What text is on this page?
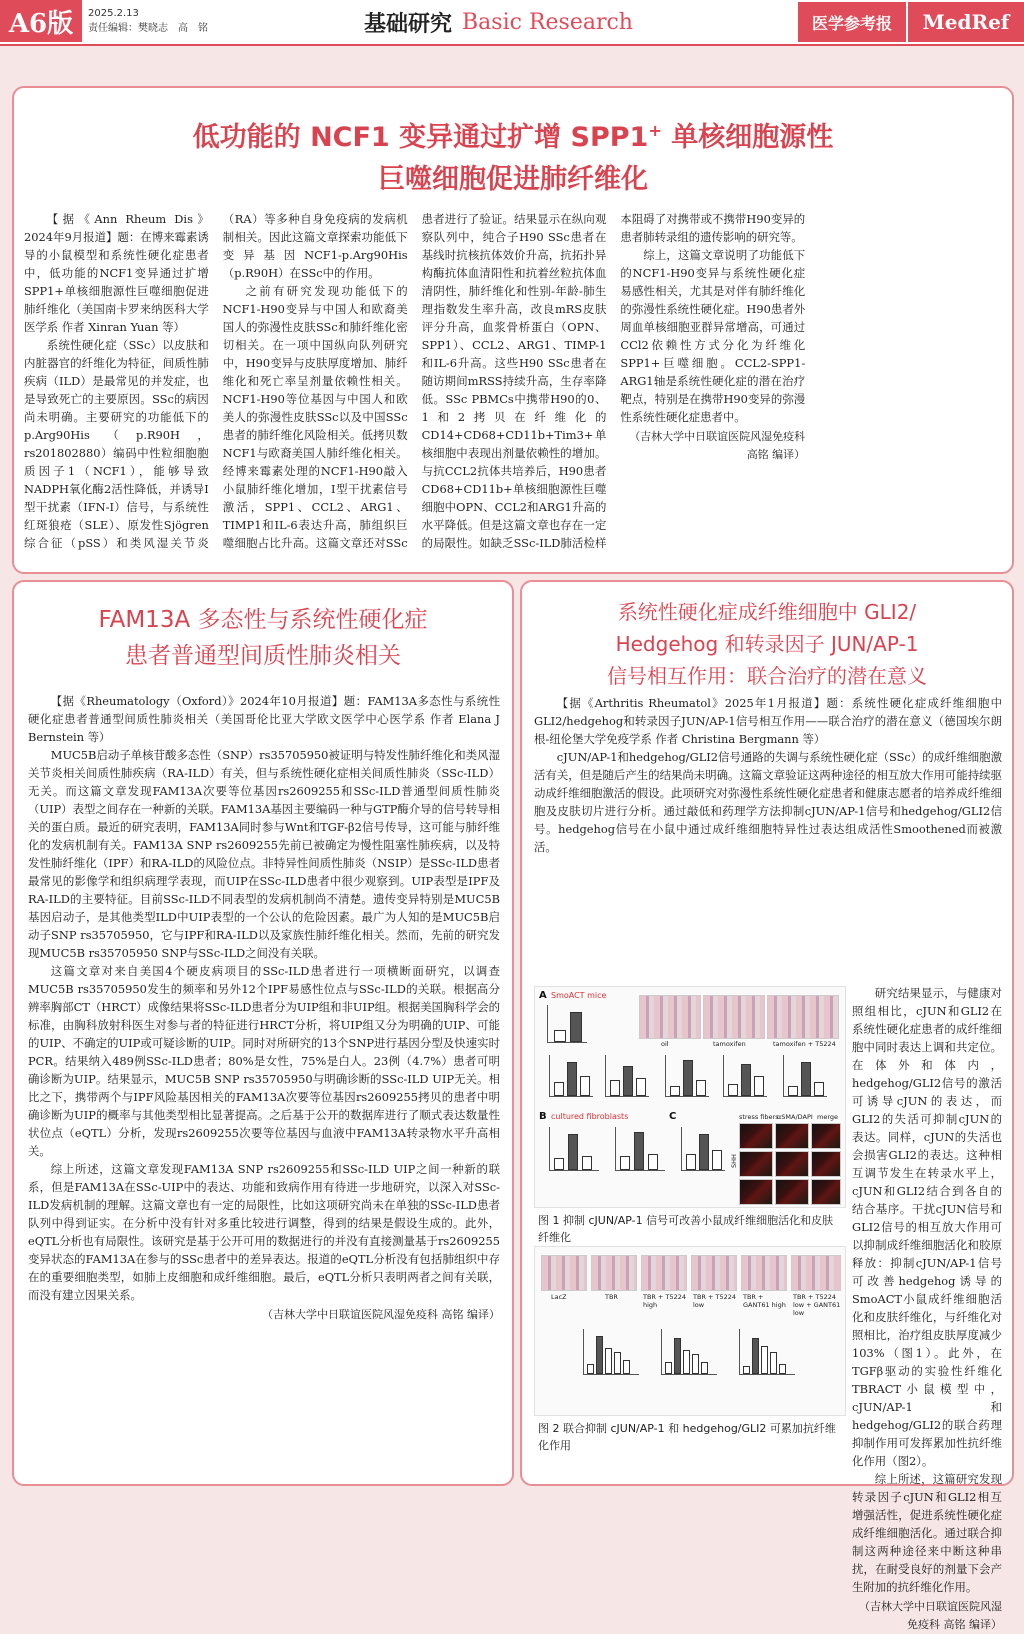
A6版	2025.2.13
责任编辑：樊晓志　高　铭	基础研究 Basic Research	医学参考报	MedRef
低功能的 NCF1 变异通过扩增 SPP1+ 单核细胞源性
巨噬细胞促进肺纤维化

【据《Ann Rheum Dis》2024年9月报道】题：在博来霉素诱导的小鼠模型和系统性硬化症患者中，低功能的NCF1变异通过扩增SPP1+单核细胞源性巨噬细胞促进肺纤维化（美国南卡罗来纳医科大学医学系 作者 Xinran Yuan 等）

系统性硬化症（SSc）以皮肤和内脏器官的纤维化为特征，间质性肺疾病（ILD）是最常见的并发症，也是导致死亡的主要原因。SSc的病因尚未明确。主要研究的功能低下的p.Arg90His（p.R90H，rs201802880）编码中性粒细胞胞质因子1（NCF1），能够导致NADPH氧化酶2活性降低，并诱导I型干扰素（IFN-I）信号，与系统性红斑狼疮（SLE）、原发性Sjögren综合征（pSS）和类风湿关节炎（RA）等多种自身免疫病的发病机制相关。因此这篇文章探索功能低下变异基因NCF1-p.Arg90His（p.R90H）在SSc中的作用。

之前有研究发现功能低下的NCF1-H90变异与中国人和欧裔美国人的弥漫性皮肤SSc和肺纤维化密切相关。在一项中国纵向队列研究中，H90变异与皮肤厚度增加、肺纤维化和死亡率呈剂量依赖性相关。NCF1-H90等位基因与中国人和欧美人的弥漫性皮肤SSc以及中国SSc患者的肺纤维化风险相关。低拷贝数NCF1与欧裔美国人肺纤维化相关。经博来霉素处理的NCF1-H90敲入小鼠肺纤维化增加，I型干扰素信号激活，SPP1、CCL2、ARG1、TIMP1和IL-6表达升高，肺组织巨噬细胞占比升高。这篇文章还对SSc患者进行了验证。结果显示在纵向观察队列中，纯合子H90 SSc患者在基线时抗核抗体效价升高，抗拓扑异构酶抗体血清阳性和抗着丝粒抗体血清阴性，肺纤维化和性别-年龄-肺生理指数发生率升高，改良mRS皮肤评分升高，血浆骨桥蛋白（OPN、SPP1）、CCL2、ARG1、TIMP-1和IL-6升高。这些H90 SSc患者在随访期间mRSS持续升高，生存率降低。SSc PBMCs中携带H90的0、1和2拷贝在纤维化的CD14+CD68+CD11b+Tim3+单核细胞中表现出剂量依赖性的增加。与抗CCL2抗体共培养后，H90患者CD68+CD11b+单核细胞源性巨噬细胞中OPN、CCL2和ARG1升高的水平降低。但是这篇文章也存在一定的局限性。如缺乏SSc-ILD肺活检样本阻碍了对携带或不携带H90变异的患者肺转录组的遗传影响的研究等。

综上，这篇文章说明了功能低下的NCF1-H90变异与系统性硬化症易感性相关，尤其是对伴有肺纤维化的弥漫性系统性硬化症。H90患者外周血单核细胞亚群异常增高，可通过CCl2依赖性方式分化为纤维化SPP1+巨噬细胞。CCL2-SPP1-ARG1轴是系统性硬化症的潜在治疗靶点，特别是在携带H90变异的弥漫性系统性硬化症患者中。

（吉林大学中日联谊医院风湿免疫科 高铭 编译）
FAM13A 多态性与系统性硬化症
患者普通型间质性肺炎相关

【据《Rheumatology（Oxford）》2024年10月报道】题：FAM13A多态性与系统性硬化症患者普通型间质性肺炎相关（美国哥伦比亚大学欧文医学中心医学系 作者 Elana J Bernstein 等）

MUC5B启动子单核苷酸多态性（SNP）rs35705950被证明与特发性肺纤维化和类风湿关节炎相关间质性肺疾病（RA-ILD）有关，但与系统性硬化症相关间质性肺炎（SSc-ILD）无关。而这篇文章发现FAM13A次要等位基因rs2609255和SSc-ILD普通型间质性肺炎（UIP）表型之间存在一种新的关联。FAM13A基因主要编码一种与GTP酶介导的信号转导相关的蛋白质。最近的研究表明，FAM13A同时参与Wnt和TGF-β2信号传导，这可能与肺纤维化的发病机制有关。FAM13A SNP rs2609255先前已被确定为慢性阻塞性肺疾病，以及特发性肺纤维化（IPF）和RA-ILD的风险位点。非特异性间质性肺炎（NSIP）是SSc-ILD患者最常见的影像学和组织病理学表现，而UIP在SSc-ILD患者中很少观察到。UIP表型是IPF及RA-ILD的主要特征。目前SSc-ILD不同表型的发病机制尚不清楚。遗传变异特别是MUC5B基因启动子，是其他类型ILD中UIP表型的一个公认的危险因素。最广为人知的是MUC5B启动子SNP rs35705950，它与IPF和RA-ILD以及家族性肺纤维化相关。然而，先前的研究发现MUC5B rs35705950 SNP与SSc-ILD之间没有关联。

这篇文章对来自美国4个硬皮病项目的SSc-ILD患者进行一项横断面研究，以调查MUC5B rs35705950发生的频率和另外12个IPF易感性位点与SSc-ILD的关联。根据高分辨率胸部CT（HRCT）成像结果将SSc-ILD患者分为UIP组和非UIP组。根据美国胸科学会的标准，由胸科放射科医生对参与者的特征进行HRCT分析，将UIP组又分为明确的UIP、可能的UIP、不确定的UIP或可疑诊断的UIP。同时对所研究的13个SNP进行基因分型及快速实时PCR。结果纳入489例SSc-ILD患者；80%是女性，75%是白人。23例（4.7%）患者可明确诊断为UIP。结果显示，MUC5B SNP rs35705950与明确诊断的SSc-ILD UIP无关。相比之下，携带两个与IPF风险基因相关的FAM13A次要等位基因rs2609255拷贝的患者中明确诊断为UIP的概率与其他类型相比显著提高。之后基于公开的数据库进行了顺式表达数量性状位点（eQTL）分析，发现rs2609255次要等位基因与血液中FAM13A转录物水平升高相关。

综上所述，这篇文章发现FAM13A SNP rs2609255和SSc-ILD UIP之间一种新的联系，但是FAM13A在SSc-UIP中的表达、功能和致病作用有待进一步地研究，以深入对SSc-ILD发病机制的理解。这篇文章也有一定的局限性，比如这项研究尚未在单独的SSc-ILD患者队列中得到证实。在分析中没有针对多重比较进行调整，得到的结果是假设生成的。此外，eQTL分析也有局限性。该研究是基于公开可用的数据进行的并没有直接测量基于rs2609255变异状态的FAM13A在参与的SSc患者中的差异表达。报道的eQTL分析没有包括肺组织中存在的重要细胞类型，如肺上皮细胞和成纤维细胞。最后，eQTL分析只表明两者之间有关联，而没有建立因果关系。

（吉林大学中日联谊医院风湿免疫科 高铭 编译）
系统性硬化症成纤维细胞中 GLI2/
Hedgehog 和转录因子 JUN/AP-1
信号相互作用：联合治疗的潜在意义

【据《Arthritis Rheumatol》2025年1月报道】题：系统性硬化症成纤维细胞中GLI2/hedgehog和转录因子JUN/AP-1信号相互作用——联合治疗的潜在意义（德国埃尔朗根-纽伦堡大学免疫学系 作者 Christina Bergmann 等）

cJUN/AP-1和hedgehog/GLI2信号通路的失调与系统性硬化症（SSc）的成纤维细胞激活有关，但是随后产生的结果尚未明确。这篇文章验证这两种途径的相互放大作用可能持续驱动成纤维细胞激活的假设。此项研究对弥漫性系统性硬化症患者和健康志愿者的培养成纤维细胞及皮肤切片进行分析。通过敲低和药理学方法抑制cJUN/AP-1信号和hedgehog/GLI2信号。hedgehog信号在小鼠中通过成纤维细胞特异性过表达组成活性Smoothened而被激活。

研究结果显示，与健康对照组相比，cJUN和GLI2在系统性硬化症患者的成纤维细胞中同时表达上调和共定位。在体外和体内，hedgehog/GLI2信号的激活可诱导cJUN的表达，而GLI2的失活可抑制cJUN的表达。同样，cJUN的失活也会损害GLI2的表达。这种相互调节发生在转录水平上，cJUN和GLI2结合到各自的结合基序。干扰cJUN信号和GLI2信号的相互放大作用可以抑制成纤维细胞活化和胶原释放：抑制cJUN/AP-1信号可改善hedgehog诱导的SmoACT小鼠成纤维细胞活化和皮肤纤维化，与纤维化对照相比，治疗组皮肤厚度减少103%（图1）。此外，在TGFβ驱动的实验性纤维化TBRACT小鼠模型中，cJUN/AP-1和hedgehog/GLI2的联合药理抑制作用可发挥累加性抗纤维化作用（图2）。

综上所述，这篇研究发现转录因子cJUN和GLI2相互增强活性，促进系统性硬化症成纤维细胞活化。通过联合抑制这两种途径来中断这种串扰，在耐受良好的剂量下会产生附加的抗纤维化作用。

（吉林大学中日联谊医院风湿免疫科 高铭 编译）
A SmoACT mice
oil	tamoxifen	tamoxifen + T5224
B cultured fibroblasts	C	stress fibers
αSMA/DAPI merge
SHH
图 1 抑制 cJUN/AP-1 信号可改善小鼠成纤维细胞活化和皮肤纤维化
LacZ	TBR	TBR + T5224 high
TBR + T5224 low
TBR + GANT61 high
TBR + T5224 low + GANT61 low
图 2 联合抑制 cJUN/AP-1 和 hedgehog/GLI2 可累加抗纤维化作用
